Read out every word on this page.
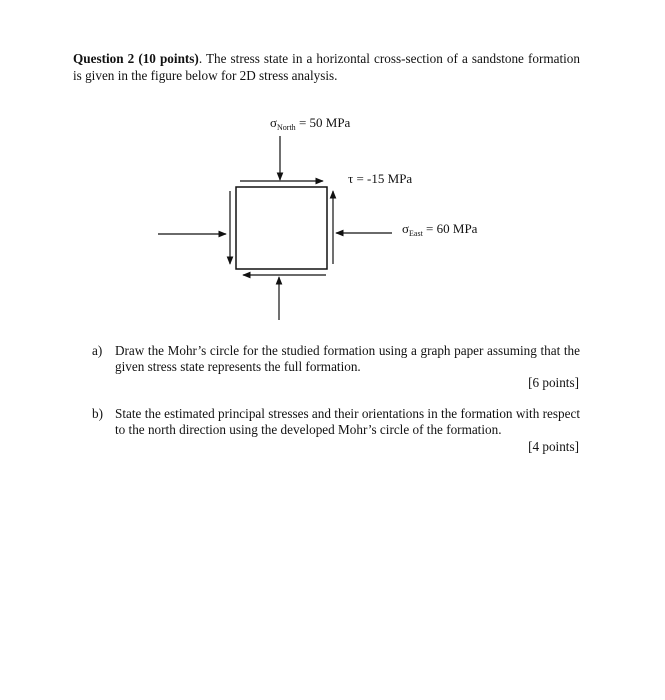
Question 2 (10 points). The stress state in a horizontal cross-section of a sandstone formation is given in the figure below for 2D stress analysis.
$\sigma_{North} = 50$ MPa
τ = -15 MPa
$\sigma_{East} = 60$ MPa
a) Draw the Mohr’s circle for the studied formation using a graph paper assuming that the given stress state represents the full formation.
[6 points]
b) State the estimated principal stresses and their orientations in the formation with respect to the north direction using the developed Mohr’s circle of the formation.
[4 points]
